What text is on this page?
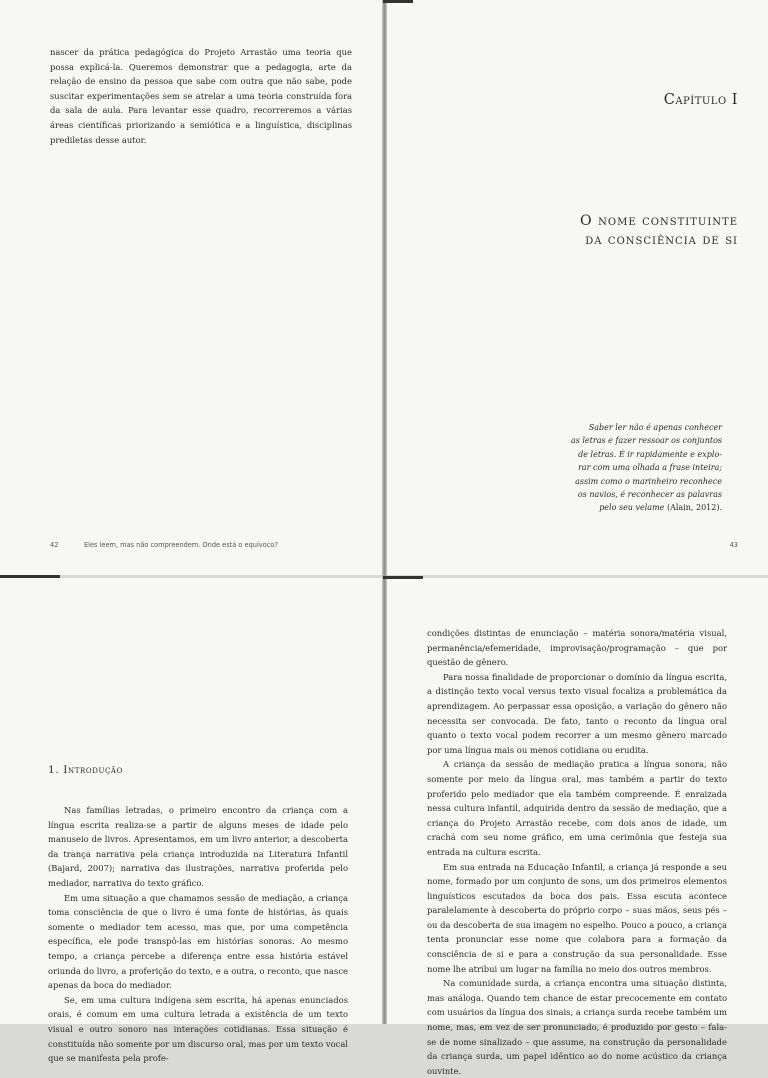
nascer da prática pedagógica do Projeto Arrastão uma teoria que possa explicá-la. Queremos demonstrar que a pedagogia, arte da relação de ensino da pessoa que sabe com outra que não sabe, pode suscitar experimentações sem se atrelar a uma teoria construída fora da sala de aula. Para levantar esse quadro, recorreremos a várias áreas científicas priorizando a semiótica e a linguística, disciplinas prediletas desse autor.

42	Eles leem, mas não compreendem. Onde está o equívoco?
Capítulo I
O nome constituinte
da consciência de si
Saber ler não é apenas conhecer
as letras e fazer ressoar os conjuntos
de letras. É ir rapidamente e explo-
rar com uma olhada a frase inteira;
assim como o marinheiro reconhece
os navios, é reconhecer as palavras
pelo seu velame (Alain, 2012).
43
1. Introdução

Nas famílias letradas, o primeiro encontro da criança com a língua escrita realiza-se a partir de alguns meses de idade pelo manuseio de livros. Apresentamos, em um livro anterior, a descoberta da trança narrativa pela criança introduzida na Literatura Infantil (Bajard, 2007); narrativa das ilustrações, narrativa proferida pelo mediador, narrativa do texto gráfico.

Em uma situação a que chamamos sessão de mediação, a criança toma consciência de que o livro é uma fonte de histórias, às quais somente o mediador tem acesso, mas que, por uma competência específica, ele pode transpô-las em histórias sonoras. Ao mesmo tempo, a criança percebe a diferença entre essa história estável oriunda do livro, a proferição do texto, e a outra, o reconto, que nasce apenas da boca do mediador.

Se, em uma cultura indígena sem escrita, há apenas enunciados orais, é comum em uma cultura letrada a existência de um texto visual e outro sonoro nas interações cotidianas. Essa situação é constituída não somente por um discurso oral, mas por um texto vocal que se manifesta pela profe-

condições distintas de enunciação – matéria sonora/matéria visual, permanência/efemeridade, improvisação/programação – que por questão de gênero.

Para nossa finalidade de proporcionar o domínio da língua escrita, a distinção texto vocal versus texto visual focaliza a problemática da aprendizagem. Ao perpassar essa oposição, a variação do gênero não necessita ser convocada. De fato, tanto o reconto da língua oral quanto o texto vocal podem recorrer a um mesmo gênero marcado por uma língua mais ou menos cotidiana ou erudita.

A criança da sessão de mediação pratica a língua sonora, não somente por meio da língua oral, mas também a partir do texto proferido pelo mediador que ela também compreende. É enraizada nessa cultura infantil, adquirida dentro da sessão de mediação, que a criança do Projeto Arrastão recebe, com dois anos de idade, um crachá com seu nome gráfico, em uma cerimônia que festeja sua entrada na cultura escrita.

Em sua entrada na Educação Infantil, a criança já responde a seu nome, formado por um conjunto de sons, um dos primeiros elementos linguísticos escutados da boca dos pais. Essa escuta acontece paralelamente à descoberta do próprio corpo – suas mãos, seus pés – ou da descoberta de sua imagem no espelho. Pouco a pouco, a criança tenta pronunciar esse nome que colabora para a formação da consciência de si e para a construção da sua personalidade. Esse nome lhe atribui um lugar na família no meio dos outros membros.

Na comunidade surda, a criança encontra uma situação distinta, mas análoga. Quando tem chance de estar precocemente em contato com usuários da língua dos sinais, a criança surda recebe também um nome, mas, em vez de ser pronunciado, é produzido por gesto – fala-se de nome sinalizado – que assume, na construção da personalidade da criança surda, um papel idêntico ao do nome acústico da criança ouvinte.
